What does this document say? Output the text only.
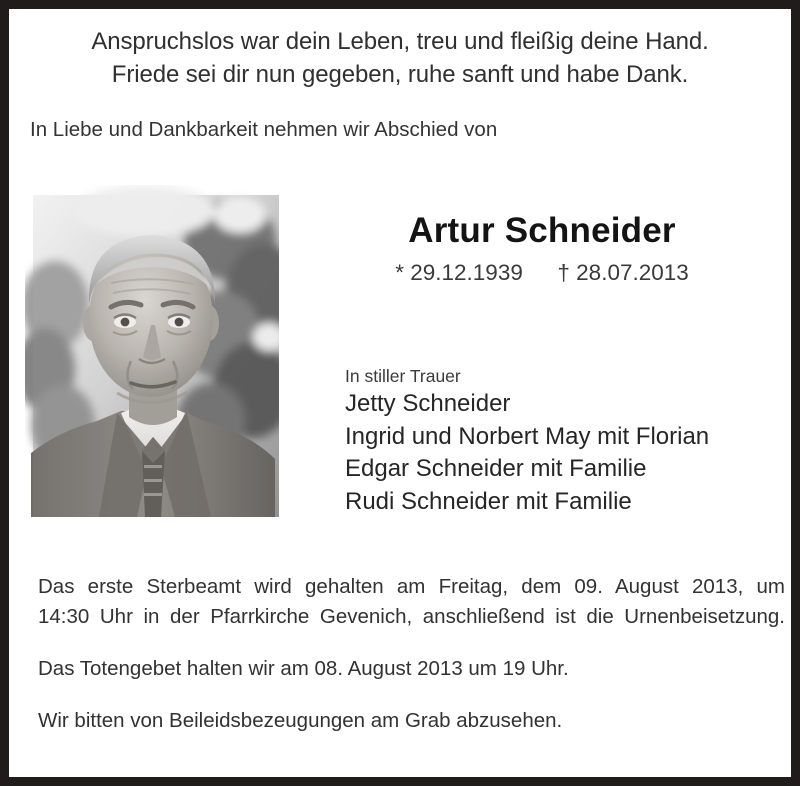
Anspruchslos war dein Leben, treu und fleißig deine Hand.
Friede sei dir nun gegeben, ruhe sanft und habe Dank.
In Liebe und Dankbarkeit nehmen wir Abschied von
Artur Schneider
* 29.12.1939 † 28.07.2013
In stiller Trauer
Jetty Schneider
Ingrid und Norbert May mit Florian
Edgar Schneider mit Familie
Rudi Schneider mit Familie

Das erste Sterbeamt wird gehalten am Freitag, dem 09. August 2013, um
14:30 Uhr in der Pfarrkirche Gevenich, anschließend ist die Urnenbeisetzung.

Das Totengebet halten wir am 08. August 2013 um 19 Uhr.

Wir bitten von Beileidsbezeugungen am Grab abzusehen.
